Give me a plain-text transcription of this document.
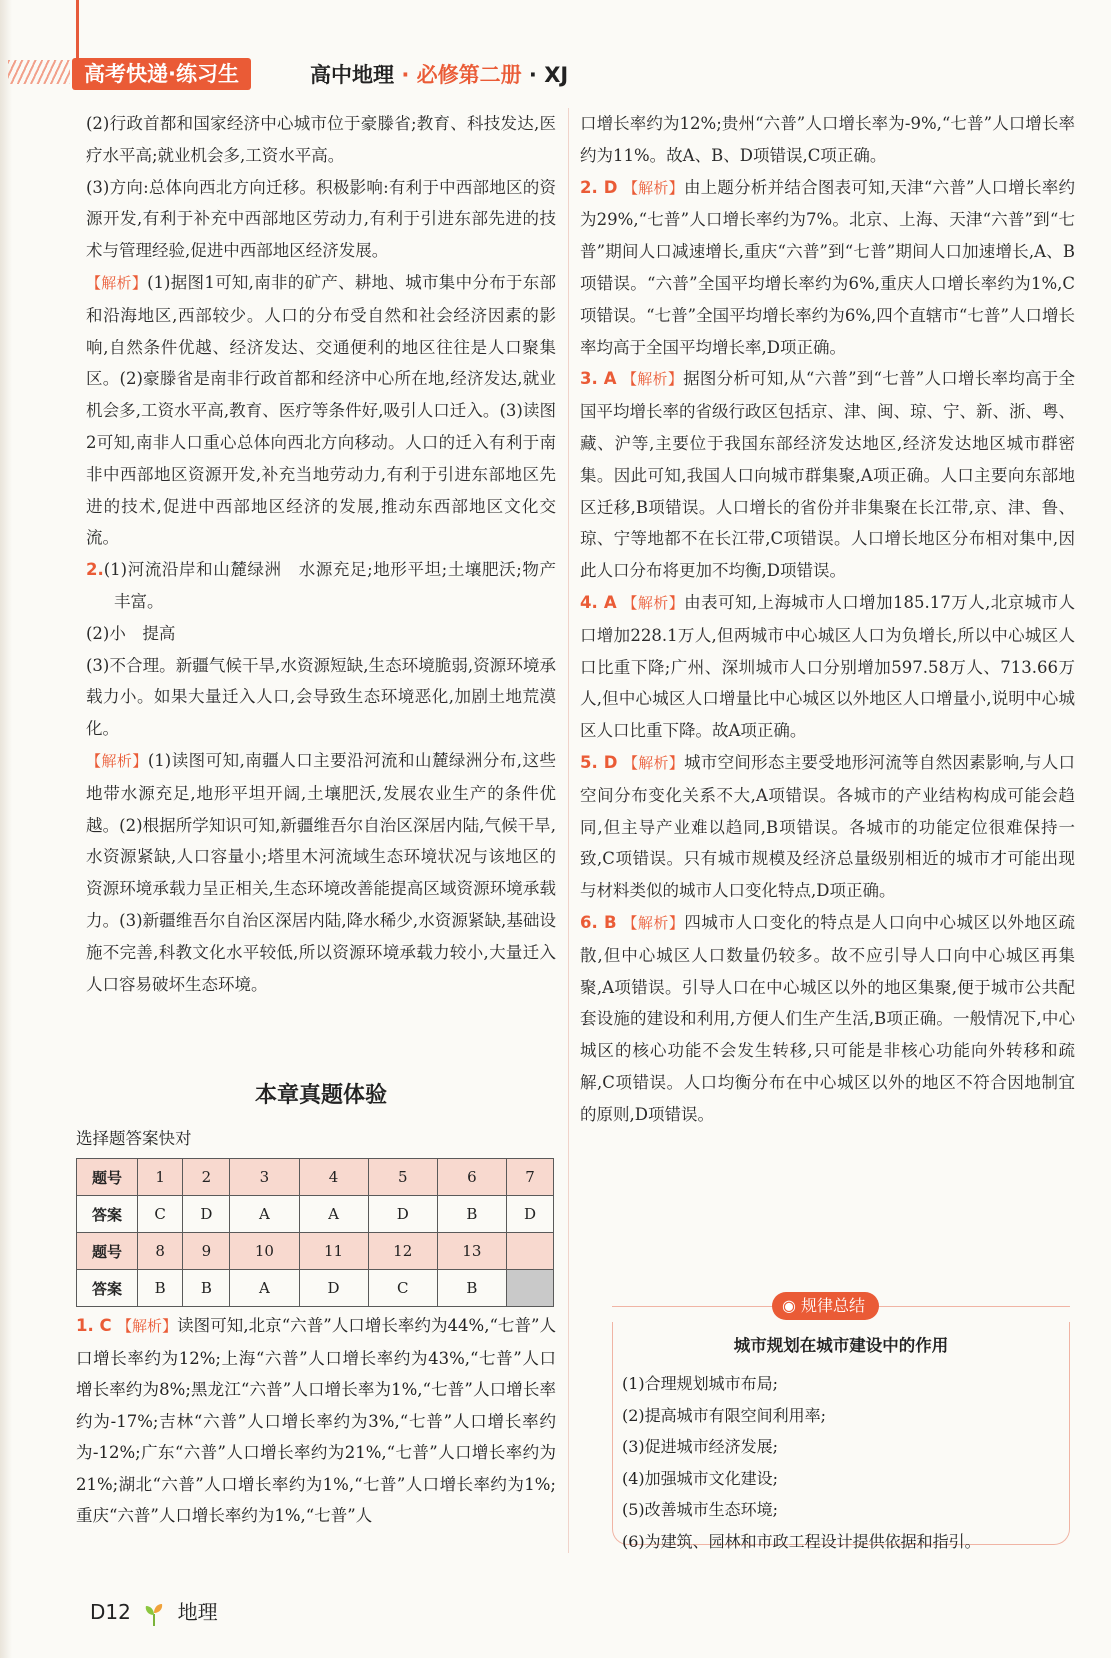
高考快递·练习生	高中地理 · 必修第二册 · XJ

(2)行政首都和国家经济中心城市位于豪滕省;教育、科技发达,医疗水平高;就业机会多,工资水平高。

(3)方向:总体向西北方向迁移。积极影响:有利于中西部地区的资源开发,有利于补充中西部地区劳动力,有利于引进东部先进的技术与管理经验,促进中西部地区经济发展。

【解析】(1)据图1可知,南非的矿产、耕地、城市集中分布于东部和沿海地区,西部较少。人口的分布受自然和社会经济因素的影响,自然条件优越、经济发达、交通便利的地区往往是人口聚集区。(2)豪滕省是南非行政首都和经济中心所在地,经济发达,就业机会多,工资水平高,教育、医疗等条件好,吸引人口迁入。(3)读图2可知,南非人口重心总体向西北方向移动。人口的迁入有利于南非中西部地区资源开发,补充当地劳动力,有利于引进东部地区先进的技术,促进中西部地区经济的发展,推动东西部地区文化交流。

2.(1)河流沿岸和山麓绿洲　水源充足;地形平坦;土壤肥沃;物产丰富。

(2)小　提高

(3)不合理。新疆气候干旱,水资源短缺,生态环境脆弱,资源环境承载力小。如果大量迁入人口,会导致生态环境恶化,加剧土地荒漠化。

【解析】(1)读图可知,南疆人口主要沿河流和山麓绿洲分布,这些地带水源充足,地形平坦开阔,土壤肥沃,发展农业生产的条件优越。(2)根据所学知识可知,新疆维吾尔自治区深居内陆,气候干旱,水资源紧缺,人口容量小;塔里木河流域生态环境状况与该地区的资源环境承载力呈正相关,生态环境改善能提高区域资源环境承载力。(3)新疆维吾尔自治区深居内陆,降水稀少,水资源紧缺,基础设施不完善,科教文化水平较低,所以资源环境承载力较小,大量迁入人口容易破坏生态环境。

本章真题体验
选择题答案快对
题号	1	2	3	4	5	6	7
答案	C	D	A	A	D	B	D
题号	8	9	10	11	12	13	
答案	B	B	A	D	C	B	

1. C 【解析】读图可知,北京“六普”人口增长率约为44%,“七普”人口增长率约为12%;上海“六普”人口增长率约为43%,“七普”人口增长率约为8%;黑龙江“六普”人口增长率为1%,“七普”人口增长率约为-17%;吉林“六普”人口增长率约为3%,“七普”人口增长率约为-12%;广东“六普”人口增长率约为21%,“七普”人口增长率约为21%;湖北“六普”人口增长率约为1%,“七普”人口增长率约为1%;重庆“六普”人口增长率约为1%,“七普”人

口增长率约为12%;贵州“六普”人口增长率为-9%,“七普”人口增长率约为11%。故A、B、D项错误,C项正确。

2. D 【解析】由上题分析并结合图表可知,天津“六普”人口增长率约为29%,“七普”人口增长率约为7%。北京、上海、天津“六普”到“七普”期间人口减速增长,重庆“六普”到“七普”期间人口加速增长,A、B项错误。“六普”全国平均增长率约为6%,重庆人口增长率约为1%,C项错误。“七普”全国平均增长率约为6%,四个直辖市“七普”人口增长率均高于全国平均增长率,D项正确。

3. A 【解析】据图分析可知,从“六普”到“七普”人口增长率均高于全国平均增长率的省级行政区包括京、津、闽、琼、宁、新、浙、粤、藏、沪等,主要位于我国东部经济发达地区,经济发达地区城市群密集。因此可知,我国人口向城市群集聚,A项正确。人口主要向东部地区迁移,B项错误。人口增长的省份并非集聚在长江带,京、津、鲁、琼、宁等地都不在长江带,C项错误。人口增长地区分布相对集中,因此人口分布将更加不均衡,D项错误。

4. A 【解析】由表可知,上海城市人口增加185.17万人,北京城市人口增加228.1万人,但两城市中心城区人口为负增长,所以中心城区人口比重下降;广州、深圳城市人口分别增加597.58万人、713.66万人,但中心城区人口增量比中心城区以外地区人口增量小,说明中心城区人口比重下降。故A项正确。

5. D 【解析】城市空间形态主要受地形河流等自然因素影响,与人口空间分布变化关系不大,A项错误。各城市的产业结构构成可能会趋同,但主导产业难以趋同,B项错误。各城市的功能定位很难保持一致,C项错误。只有城市规模及经济总量级别相近的城市才可能出现与材料类似的城市人口变化特点,D项正确。

6. B 【解析】四城市人口变化的特点是人口向中心城区以外地区疏散,但中心城区人口数量仍较多。故不应引导人口向中心城区再集聚,A项错误。引导人口在中心城区以外的地区集聚,便于城市公共配套设施的建设和利用,方便人们生产生活,B项正确。一般情况下,中心城区的核心功能不会发生转移,只可能是非核心功能向外转移和疏解,C项错误。人口均衡分布在中心城区以外的地区不符合因地制宜的原则,D项错误。

◉ 规律总结
城市规划在城市建设中的作用
(1)合理规划城市布局;
(2)提高城市有限空间利用率;
(3)促进城市经济发展;
(4)加强城市文化建设;
(5)改善城市生态环境;
(6)为建筑、园林和市政工程设计提供依据和指引。
D12 地理
